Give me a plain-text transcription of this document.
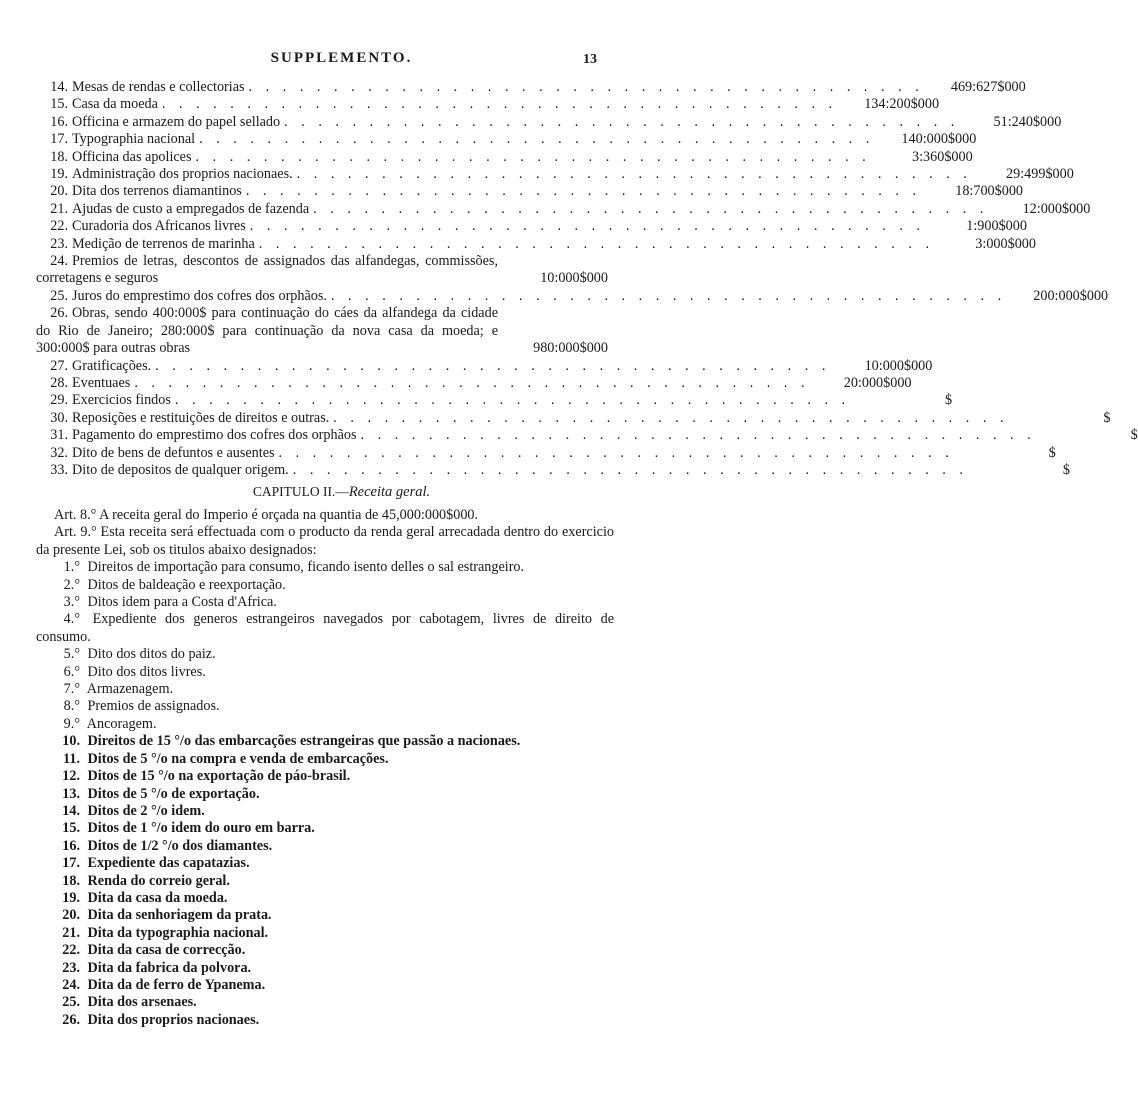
SUPPLEMENTO.	13
14. Mesas de rendas e collectorias . . . . . . . . . . . . . . . . . . . . . . . . . . . . . . . . . . . . . . . .	469:627$000
15. Casa da moeda . . . . . . . . . . . . . . . . . . . . . . . . . . . . . . . . . . . . . . . .	134:200$000
16. Officina e armazem do papel sellado . . . . . . . . . . . . . . . . . . . . . . . . . . . . . . . . . . . . . . . .	51:240$000
17. Typographia nacional . . . . . . . . . . . . . . . . . . . . . . . . . . . . . . . . . . . . . . . .	140:000$000
18. Officina das apolices . . . . . . . . . . . . . . . . . . . . . . . . . . . . . . . . . . . . . . . .	3:360$000
19. Administração dos proprios nacionaes. . . . . . . . . . . . . . . . . . . . . . . . . . . . . . . . . . . . . . . . .	29:499$000
20. Dita dos terrenos diamantinos . . . . . . . . . . . . . . . . . . . . . . . . . . . . . . . . . . . . . . . .	18:700$000
21. Ajudas de custo a empregados de fazenda . . . . . . . . . . . . . . . . . . . . . . . . . . . . . . . . . . . . . . . .	12:000$000
22. Curadoria dos Africanos livres . . . . . . . . . . . . . . . . . . . . . . . . . . . . . . . . . . . . . . . .	1:900$000
23. Medição de terrenos de marinha . . . . . . . . . . . . . . . . . . . . . . . . . . . . . . . . . . . . . . . .	3:000$000
24. Premios de letras, descontos de assignados das alfandegas, commissões, corretagens e seguros	10:000$000
25. Juros do emprestimo dos cofres dos orphãos. . . . . . . . . . . . . . . . . . . . . . . . . . . . . . . . . . . . . . . . .	200:000$000
26. Obras, sendo 400:000$ para continuação do cáes da alfandega da cidade do Rio de Janeiro; 280:000$ para continuação da nova casa da moeda; e 300:000$ para outras obras	980:000$000
27. Gratificações. . . . . . . . . . . . . . . . . . . . . . . . . . . . . . . . . . . . . . . . .	10:000$000
28. Eventuaes . . . . . . . . . . . . . . . . . . . . . . . . . . . . . . . . . . . . . . . .	20:000$000
29. Exercicios findos . . . . . . . . . . . . . . . . . . . . . . . . . . . . . . . . . . . . . . . .	$
30. Reposições e restituições de direitos e outras. . . . . . . . . . . . . . . . . . . . . . . . . . . . . . . . . . . . . . . . .	$
31. Pagamento do emprestimo dos cofres dos orphãos . . . . . . . . . . . . . . . . . . . . . . . . . . . . . . . . . . . . . . . .	$
32. Dito de bens de defuntos e ausentes . . . . . . . . . . . . . . . . . . . . . . . . . . . . . . . . . . . . . . . .	$
33. Dito de depositos de qualquer origem. . . . . . . . . . . . . . . . . . . . . . . . . . . . . . . . . . . . . . . . .	$
CAPITULO II.—Receita geral.

Art. 8.° A receita geral do Imperio é orçada na quantia de 45,000:000$000.

Art. 9.° Esta receita será effectuada com o producto da renda geral arrecadada dentro do exercicio da presente Lei, sob os titulos abaixo designados:

1.° Direitos de importação para consumo, ficando isento delles o sal estrangeiro.
2.° Ditos de baldeação e reexportação.
3.° Ditos idem para a Costa d'Africa.
4.° Expediente dos generos estrangeiros navegados por cabotagem, livres de direito de consumo.
5.° Dito dos ditos do paiz.
6.° Dito dos ditos livres.
7.° Armazenagem.
8.° Premios de assignados.
9.° Ancoragem.
10. Direitos de 15 °/o das embarcações estrangeiras que passão a nacionaes.
11. Ditos de 5 °/o na compra e venda de embarcações.
12. Ditos de 15 °/o na exportação de páo-brasil.
13. Ditos de 5 °/o de exportação.
14. Ditos de 2 °/o idem.
15. Ditos de 1 °/o idem do ouro em barra.
16. Ditos de 1/2 °/o dos diamantes.
17. Expediente das capatazias.
18. Renda do correio geral.
19. Dita da casa da moeda.
20. Dita da senhoriagem da prata.
21. Dita da typographia nacional.
22. Dita da casa de correcção.
23. Dita da fabrica da polvora.
24. Dita da de ferro de Ypanema.
25. Dita dos arsenaes.
26. Dita dos proprios nacionaes.
